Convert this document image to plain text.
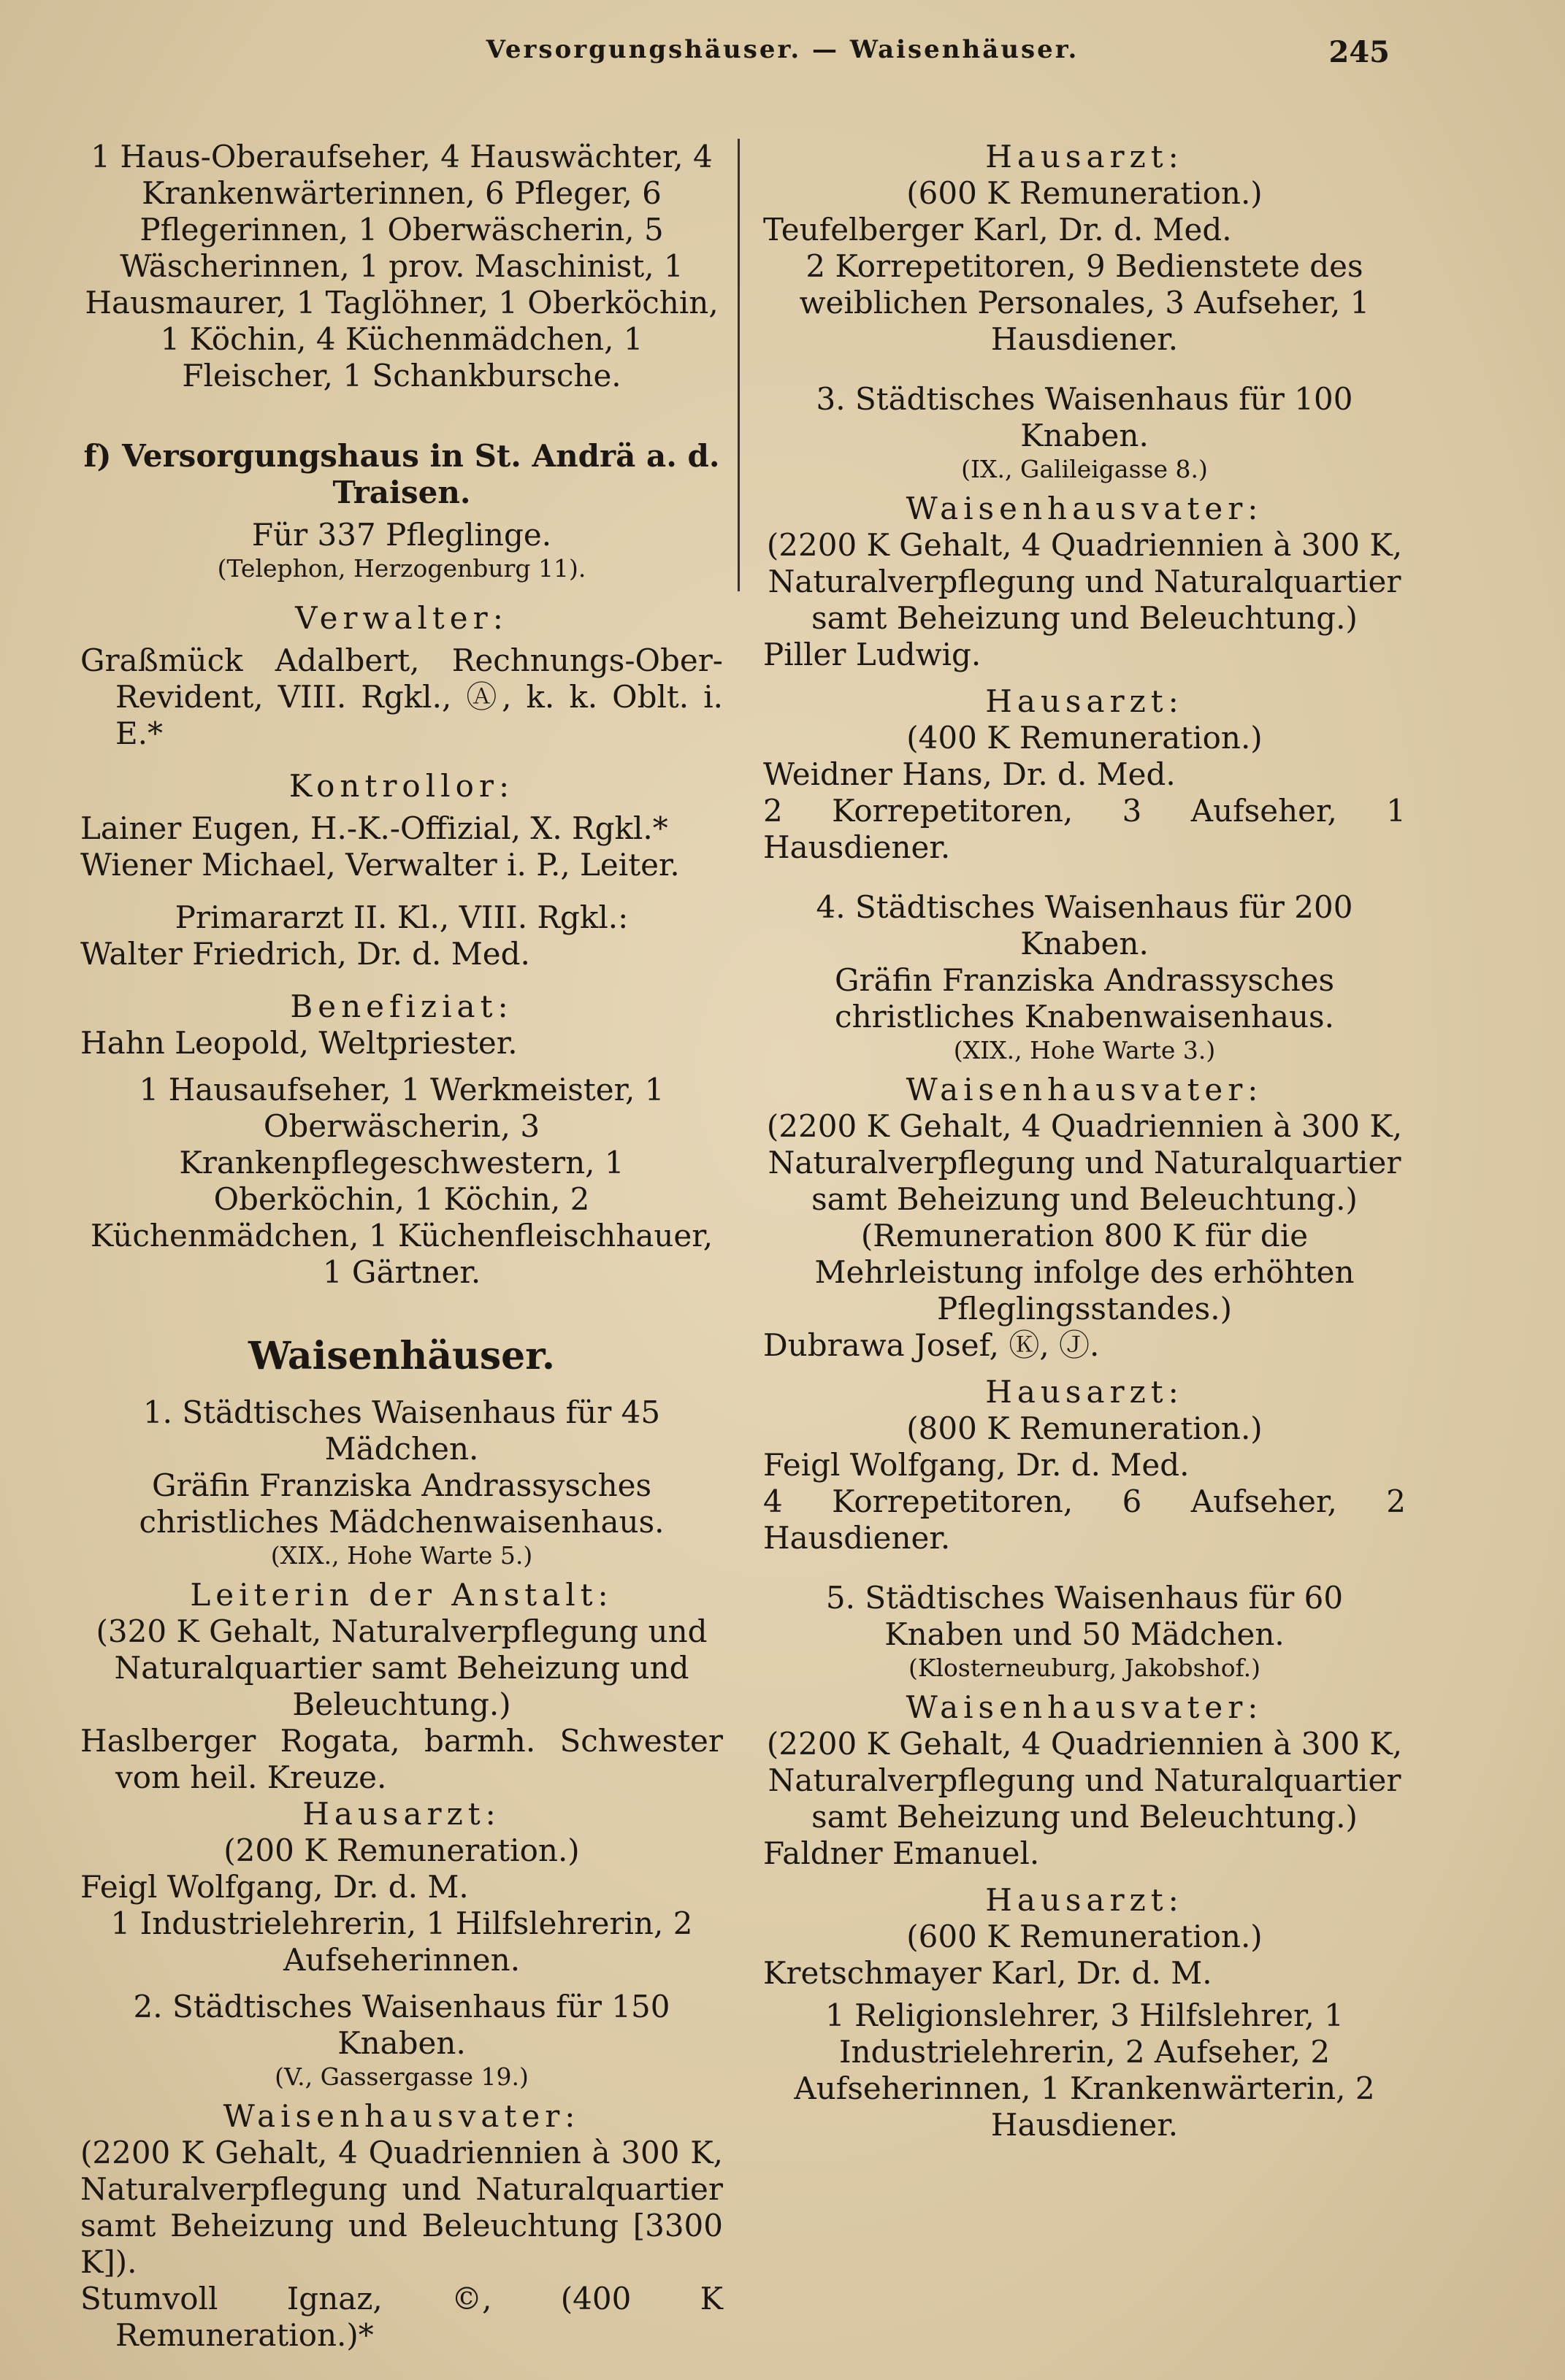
Versorgungshäuser. — Waisenhäuser.	245

1 Haus-Oberaufseher, 4 Hauswächter, 4 Krankenwärterinnen, 6 Pfleger, 6 Pflegerinnen, 1 Oberwäscherin, 5 Wäscherinnen, 1 prov. Maschinist, 1 Hausmaurer, 1 Taglöhner, 1 Oberköchin, 1 Köchin, 4 Küchenmädchen, 1 Fleischer, 1 Schankbursche.

f) Versorgungshaus in St. Andrä a. d. Traisen.

Für 337 Pfleglinge.

(Telephon, Herzogenburg 11).

Verwalter:

Graßmück Adalbert, Rechnungs-Ober-Revident, VIII. Rgkl., Ⓐ, k. k. Oblt. i. E.*

Kontrollor:

Lainer Eugen, H.-K.-Offizial, X. Rgkl.*

Wiener Michael, Verwalter i. P., Leiter.

Primararzt II. Kl., VIII. Rgkl.:

Walter Friedrich, Dr. d. Med.

Benefiziat:

Hahn Leopold, Weltpriester.

1 Hausaufseher, 1 Werkmeister, 1 Oberwäscherin, 3 Krankenpflegeschwestern, 1 Oberköchin, 1 Köchin, 2 Küchenmädchen, 1 Küchenfleischhauer, 1 Gärtner.

Waisenhäuser.

1. Städtisches Waisenhaus für 45 Mädchen.

Gräfin Franziska Andrassysches christliches Mädchenwaisenhaus.

(XIX., Hohe Warte 5.)

Leiterin der Anstalt:

(320 K Gehalt, Naturalverpflegung und Naturalquartier samt Beheizung und Beleuchtung.)

Haslberger Rogata, barmh. Schwester vom heil. Kreuze.

Hausarzt:

(200 K Remuneration.)

Feigl Wolfgang, Dr. d. M.

1 Industrielehrerin, 1 Hilfslehrerin, 2 Aufseherinnen.

2. Städtisches Waisenhaus für 150 Knaben.

(V., Gassergasse 19.)

Waisenhausvater:

(2200 K Gehalt, 4 Quadriennien à 300 K, Naturalverpflegung und Naturalquartier samt Beheizung und Beleuchtung [3300 K]).

Stumvoll Ignaz, ©, (400 K Remuneration.)*

Hausarzt:

(600 K Remuneration.)

Teufelberger Karl, Dr. d. Med.

2 Korrepetitoren, 9 Bedienstete des weiblichen Personales, 3 Aufseher, 1 Hausdiener.

3. Städtisches Waisenhaus für 100 Knaben.

(IX., Galileigasse 8.)

Waisenhausvater:

(2200 K Gehalt, 4 Quadriennien à 300 K, Naturalverpflegung und Naturalquartier samt Beheizung und Beleuchtung.)

Piller Ludwig.

Hausarzt:

(400 K Remuneration.)

Weidner Hans, Dr. d. Med.

2 Korrepetitoren, 3 Aufseher, 1 Hausdiener.

4. Städtisches Waisenhaus für 200 Knaben.

Gräfin Franziska Andrassysches christliches Knabenwaisenhaus.

(XIX., Hohe Warte 3.)

Waisenhausvater:

(2200 K Gehalt, 4 Quadriennien à 300 K, Naturalverpflegung und Naturalquartier samt Beheizung und Beleuchtung.)

(Remuneration 800 K für die Mehrleistung infolge des erhöhten Pfleglingsstandes.)

Dubrawa Josef, Ⓚ, Ⓙ.

Hausarzt:

(800 K Remuneration.)

Feigl Wolfgang, Dr. d. Med.

4 Korrepetitoren, 6 Aufseher, 2 Hausdiener.

5. Städtisches Waisenhaus für 60 Knaben und 50 Mädchen.

(Klosterneuburg, Jakobshof.)

Waisenhausvater:

(2200 K Gehalt, 4 Quadriennien à 300 K, Naturalverpflegung und Naturalquartier samt Beheizung und Beleuchtung.)

Faldner Emanuel.

Hausarzt:

(600 K Remuneration.)

Kretschmayer Karl, Dr. d. M.

1 Religionslehrer, 3 Hilfslehrer, 1 Industrielehrerin, 2 Aufseher, 2 Aufseherinnen, 1 Krankenwärterin, 2 Hausdiener.
